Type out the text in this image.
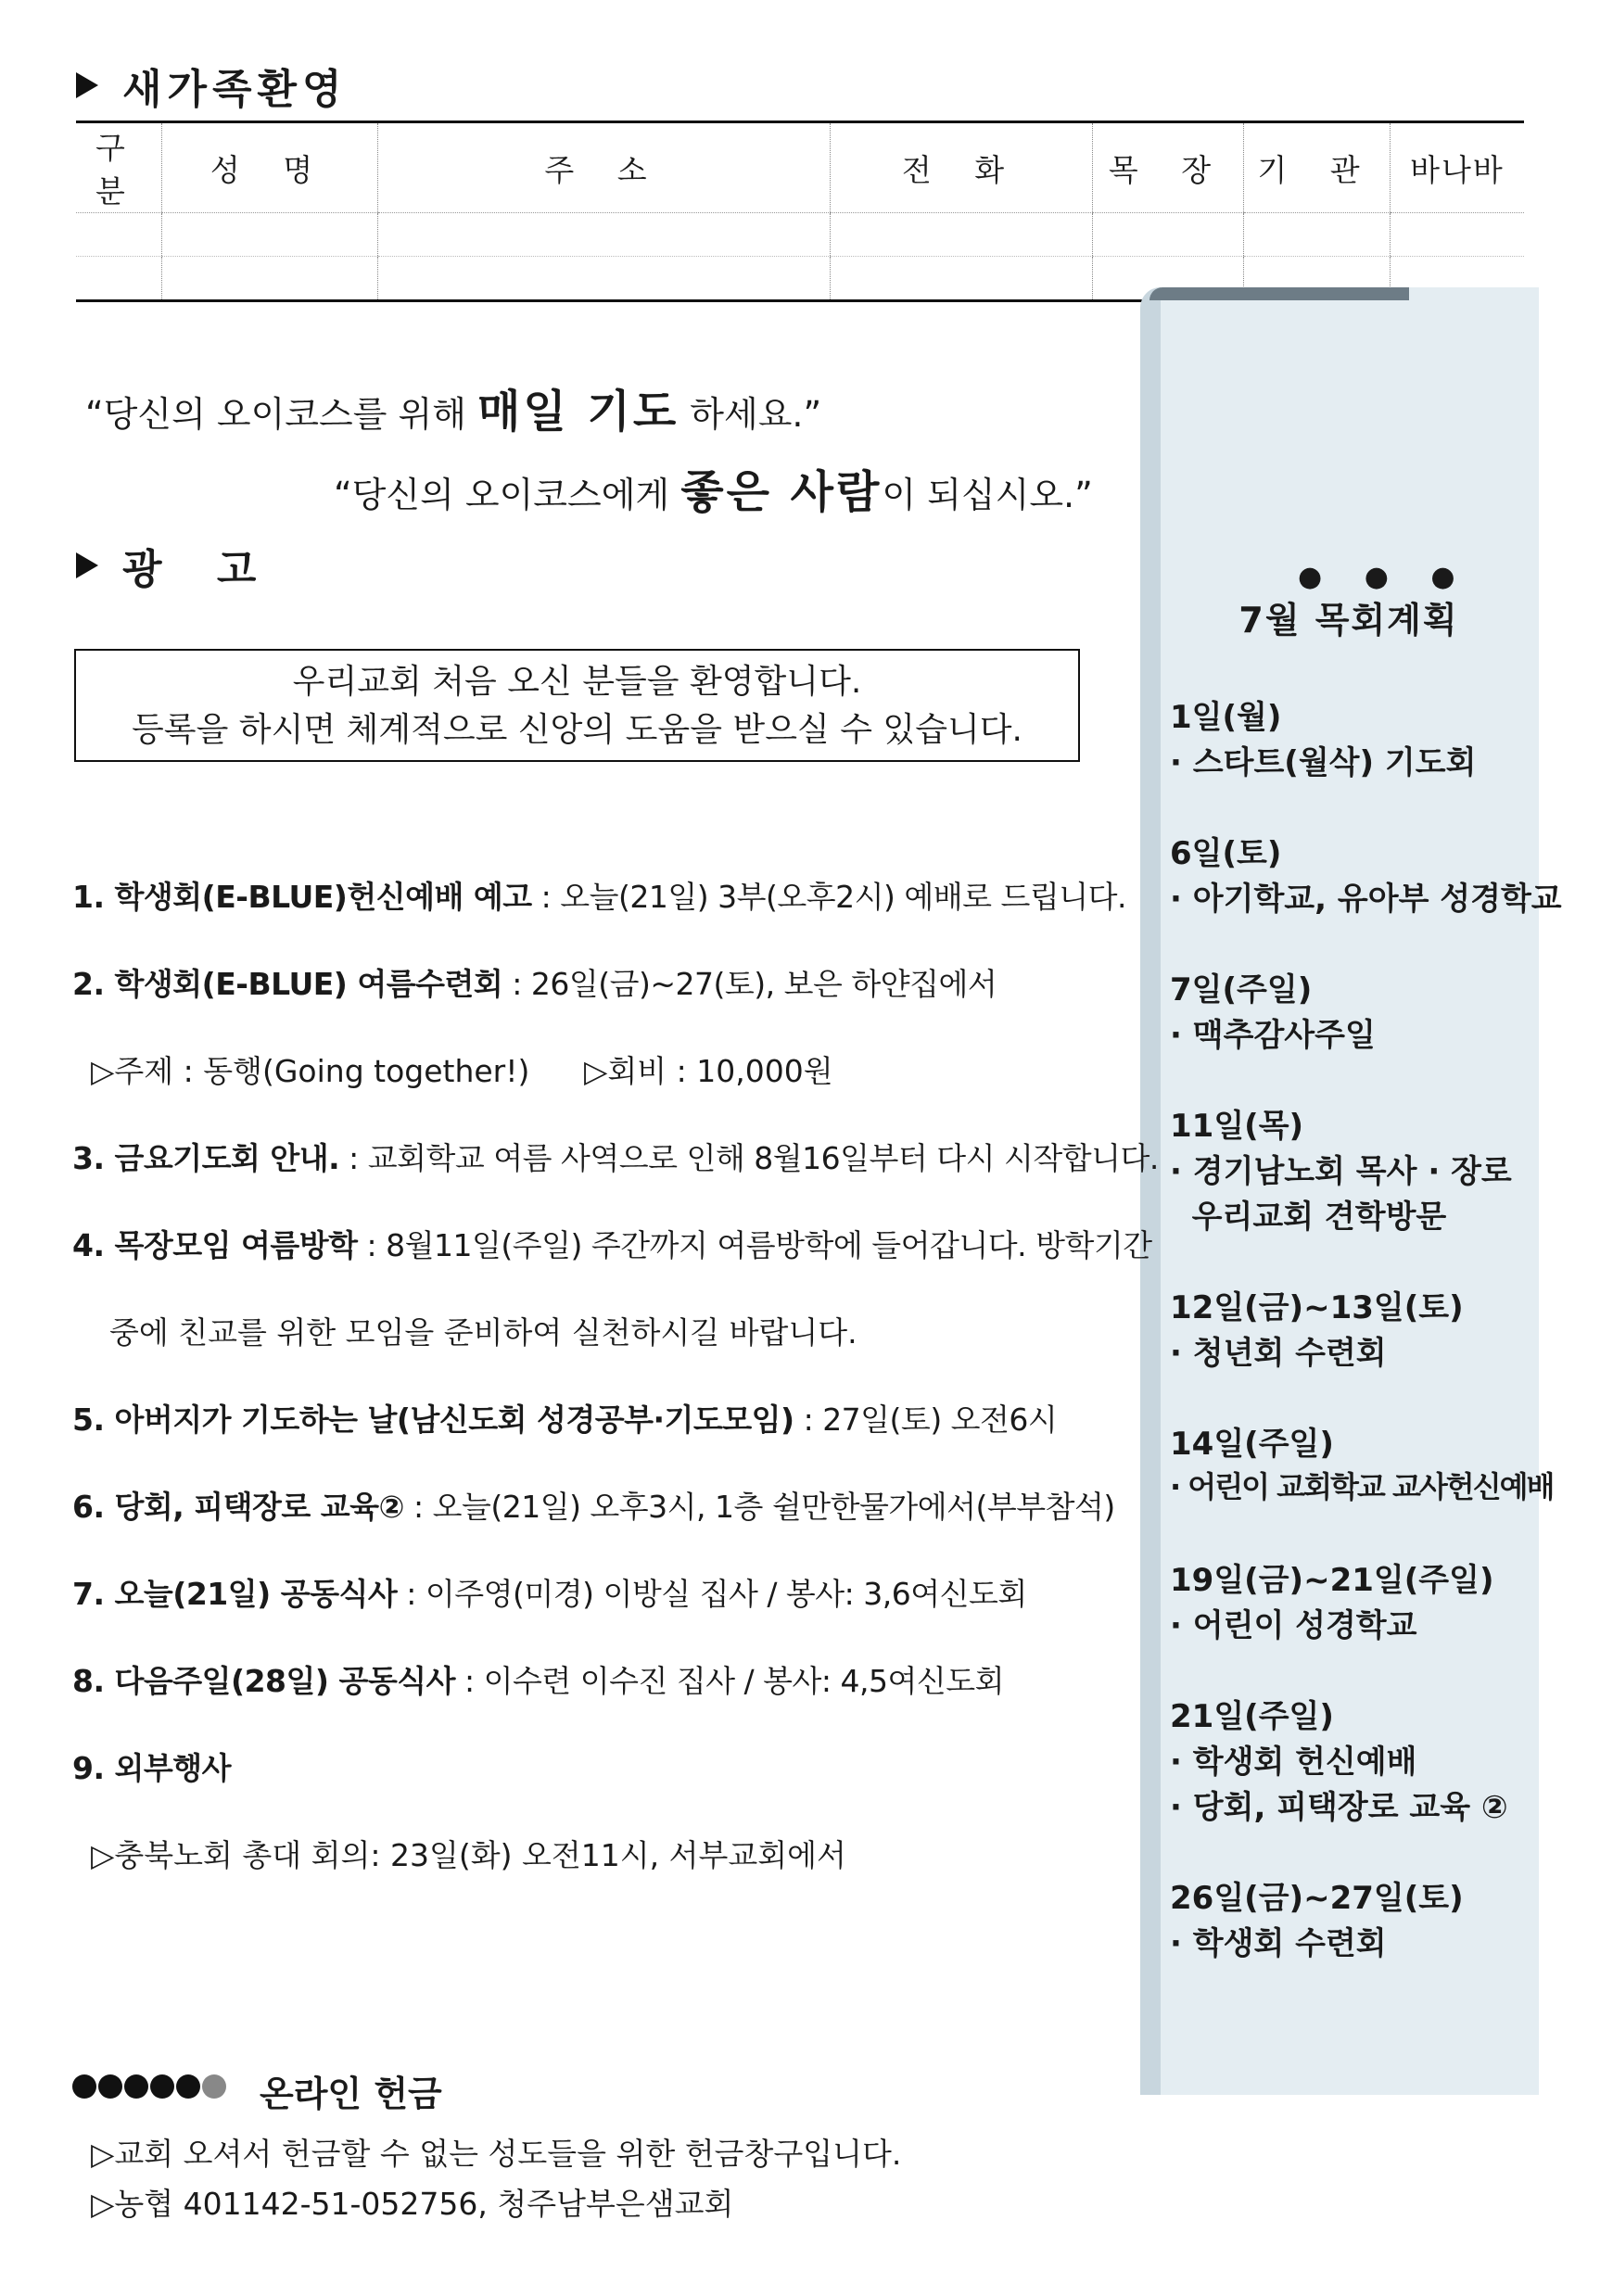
새가족환영
구분	성 명	주 소	전 화	목 장	기 관	바나바

“당신의 오이코스를 위해 매일 기도 하세요.”
“당신의 오이코스에게 좋은 사람이 되십시오.”
광 고
우리교회 처음 오신 분들을 환영합니다.
등록을 하시면 체계적으로 신앙의 도움을 받으실 수 있습니다.
1. 학생회(E-BLUE)헌신예배 예고 : 오늘(21일) 3부(오후2시) 예배로 드립니다.
2. 학생회(E-BLUE) 여름수련회 : 26일(금)~27(토), 보은 하얀집에서
▷주제 : 동행(Going together!) ▷회비 : 10,000원
3. 금요기도회 안내. : 교회학교 여름 사역으로 인해 8월16일부터 다시 시작합니다.
4. 목장모임 여름방학 : 8월11일(주일) 주간까지 여름방학에 들어갑니다. 방학기간
중에 친교를 위한 모임을 준비하여 실천하시길 바랍니다.
5. 아버지가 기도하는 날(남신도회 성경공부·기도모임) : 27일(토) 오전6시
6. 당회, 피택장로 교육② : 오늘(21일) 오후3시, 1층 쉴만한물가에서(부부참석)
7. 오늘(21일) 공동식사 : 이주영(미경) 이방실 집사 / 봉사: 3,6여신도회
8. 다음주일(28일) 공동식사 : 이수련 이수진 집사 / 봉사: 4,5여신도회
9. 외부행사
▷충북노회 총대 회의: 23일(화) 오전11시, 서부교회에서
온라인 헌금
▷교회 오셔서 헌금할 수 없는 성도들을 위한 헌금창구입니다.
▷농협 401142-51-052756, 청주남부은샘교회
● ● ●
7월 목회계획
1일(월)
· 스타트(월삭) 기도회
6일(토)
· 아기학교, 유아부 성경학교
7일(주일)
· 맥추감사주일
11일(목)
· 경기남노회 목사 · 장로
우리교회 견학방문
12일(금)~13일(토)
· 청년회 수련회
14일(주일)
· 어린이 교회학교 교사헌신예배
19일(금)~21일(주일)
· 어린이 성경학교
21일(주일)
· 학생회 헌신예배
· 당회, 피택장로 교육 ②
26일(금)~27일(토)
· 학생회 수련회
